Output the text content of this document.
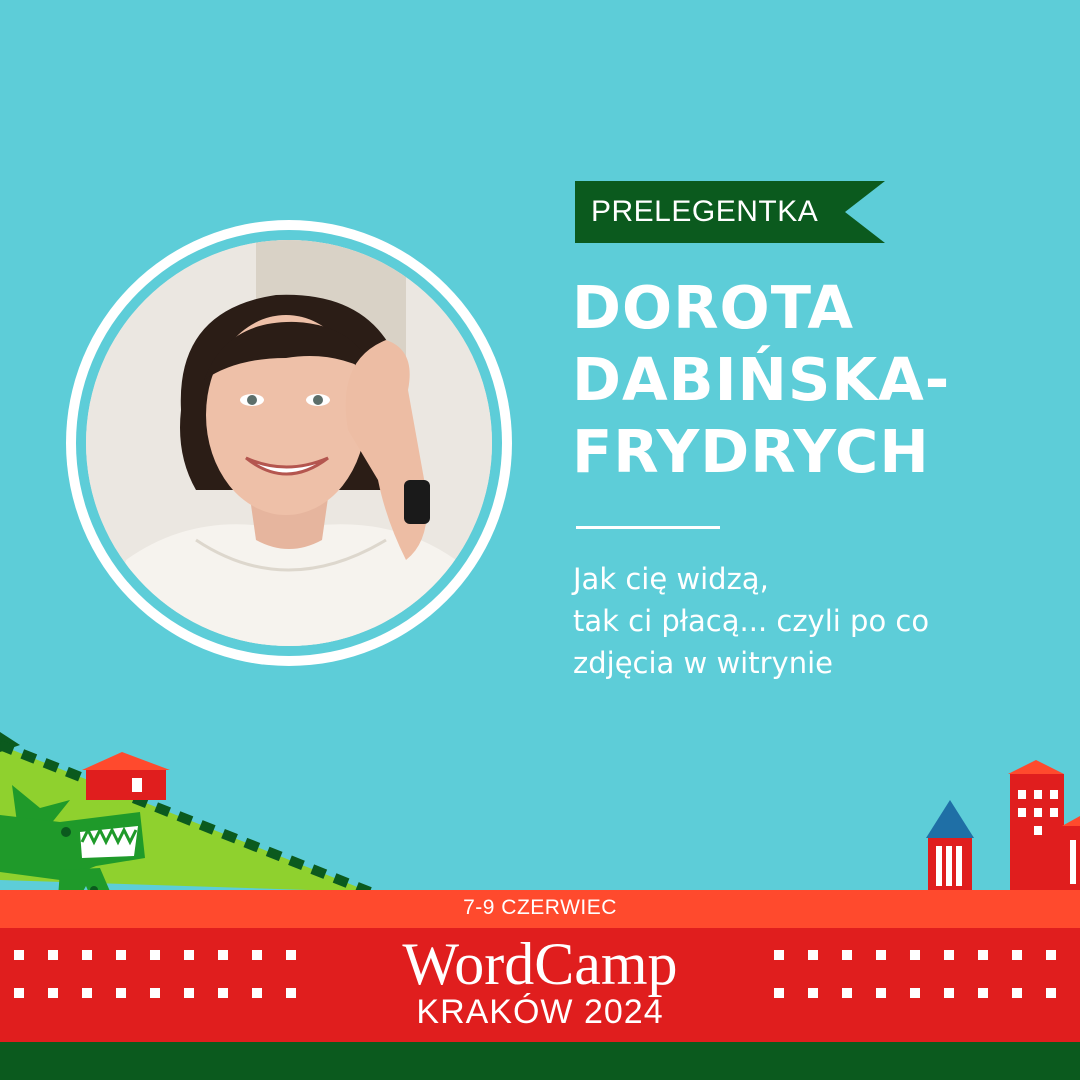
PRELEGENTKA
DOROTA
DABIŃSKA-
FRYDRYCH
Jak cię widzą,
tak ci płacą... czyli po co
zdjęcia w witrynie
7-9 CZERWIEC
WordCamp
KRAKÓW 2024
